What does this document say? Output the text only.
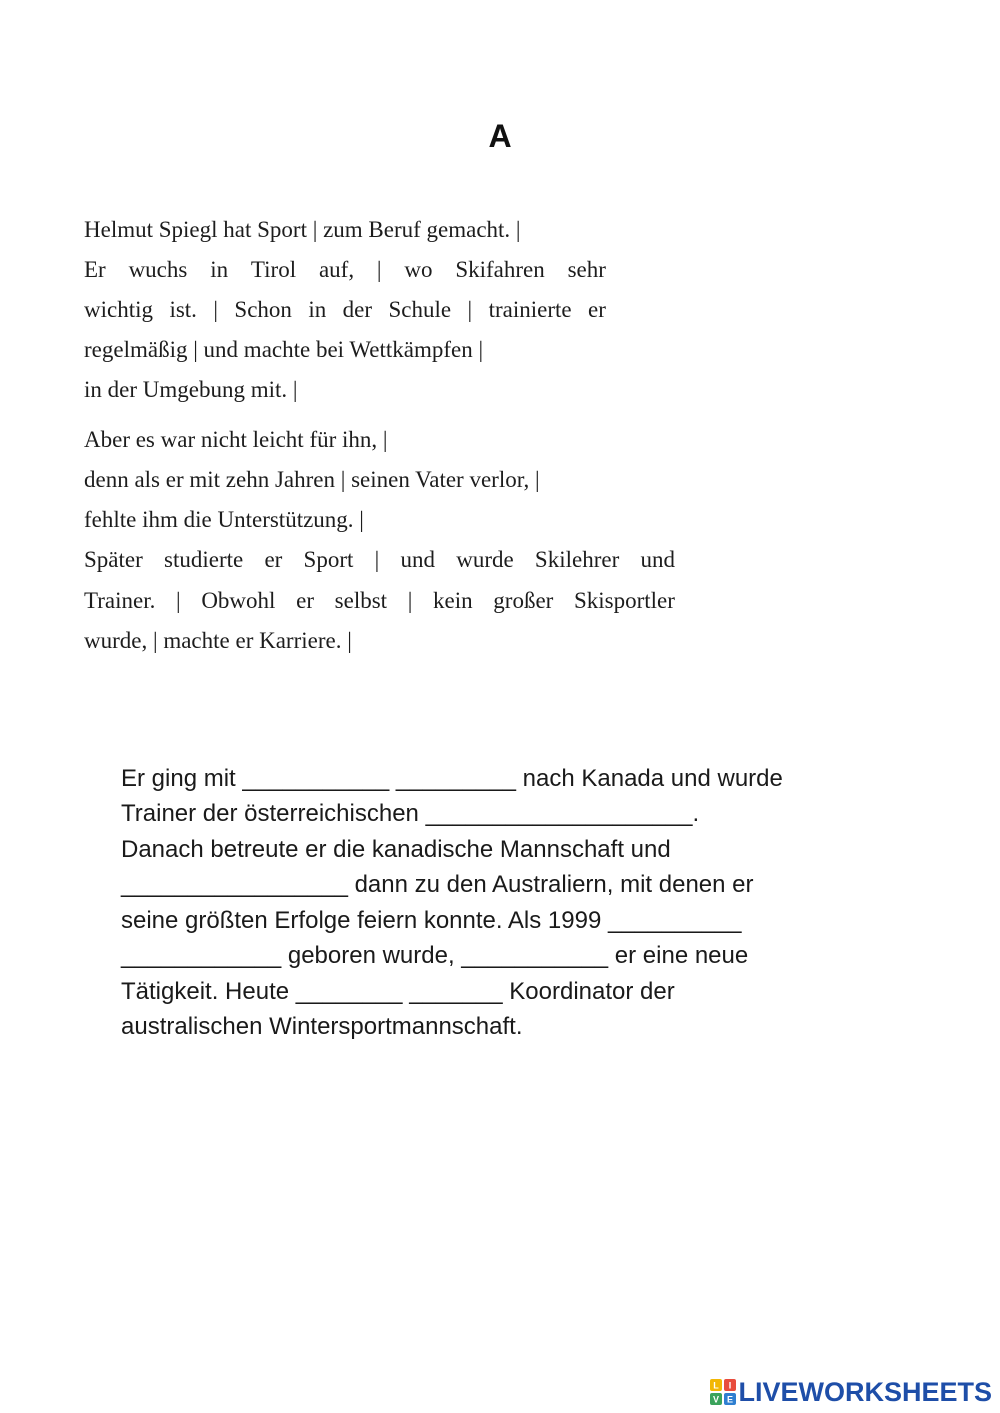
A
Helmut Spiegl hat Sport | zum Beruf gemacht. |
Er wuchs in Tirol auf, | wo Skifahren sehr
wichtig ist. | Schon in der Schule | trainierte er
regelmäßig | und machte bei Wettkämpfen |
in der Umgebung mit. |
Aber es war nicht leicht für ihn, |
denn als er mit zehn Jahren | seinen Vater verlor, |
fehlte ihm die Unterstützung. |
Später studierte er Sport | und wurde Skilehrer und
Trainer. | Obwohl er selbst | kein großer Skisportler
wurde, | machte er Karriere. |
Er ging mit ___________ _________ nach Kanada und wurde
Trainer der österreichischen ____________________.
Danach betreute er die kanadische Mannschaft und
_________________ dann zu den Australiern, mit denen er
seine größten Erfolge feiern konnte. Als 1999 __________
____________ geboren wurde, ___________ er eine neue
Tätigkeit. Heute ________ _______ Koordinator der
australischen Wintersportmannschaft.
L I
V E LIVEWORKSHEETS
